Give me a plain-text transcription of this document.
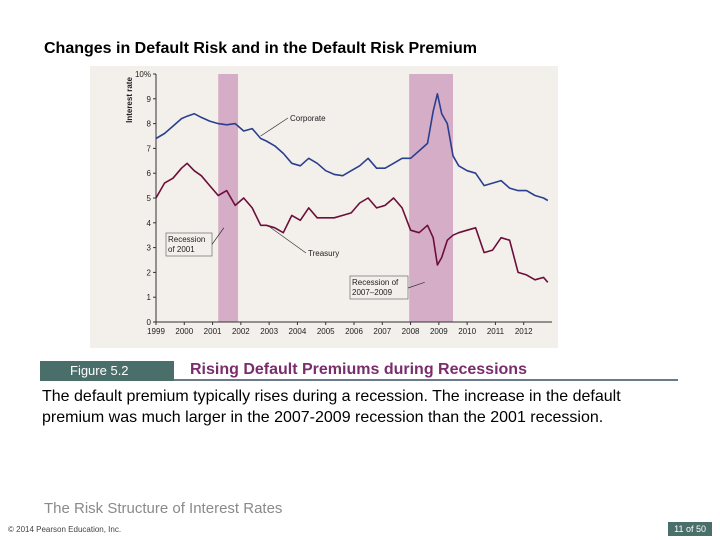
Changes in Default Risk and in the Default Risk Premium
0
1
2
3
4
5
6
7
8
9
10%
Interest rate
1999 2000 2001 2002 2003 2004 2005 2006 2007 2008 2009 2010 2011 2012
Corporate
Treasury
Recession
of 2001
Recession of
2007–2009
Figure 5.2	Rising Default Premiums during Recessions
The default premium typically rises during a recession. The increase in the default premium was much larger in the 2007-2009 recession than the 2001 recession.
The Risk Structure of Interest Rates
© 2014 Pearson Education, Inc.	11 of 50
